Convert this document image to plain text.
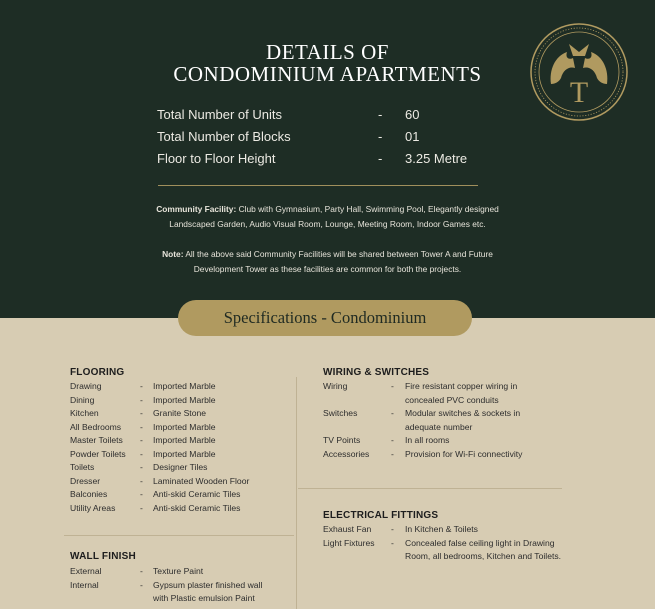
DETAILS OF
CONDOMINIUM APARTMENTS
T
Total Number of Units	- 60
Total Number of Blocks	- 01
Floor to Floor Height	- 3.25 Metre
Community Facility: Club with Gymnasium, Party Hall, Swimming Pool, Elegantly designed
Landscaped Garden, Audio Visual Room, Lounge, Meeting Room, Indoor Games etc.
Note: All the above said Community Facilities will be shared between Tower A and Future
Development Tower as these facilities are common for both the projects.
Specifications - Condominium
FLOORING
Drawing	- Imported Marble
Dining	- Imported Marble
Kitchen	- Granite Stone
All Bedrooms - Imported Marble
Master Toilets - Imported Marble
Powder Toilets - Imported Marble
Toilets	- Designer Tiles
Dresser	- Laminated Wooden Floor
Balconies	- Anti-skid Ceramic Tiles
Utility Areas	- Anti-skid Ceramic Tiles
WALL FINISH
External	- Texture Paint
Internal	- Gypsum plaster finished wall
with Plastic emulsion Paint
WIRING & SWITCHES
Wiring	- Fire resistant copper wiring in
concealed PVC conduits
Switches	- Modular switches & sockets in
adequate number
TV Points	- In all rooms
Accessories	- Provision for Wi-Fi connectivity
ELECTRICAL FITTINGS
Exhaust Fan - In Kitchen & Toilets
Light Fixtures - Concealed false ceiling light in Drawing
Room, all bedrooms, Kitchen and Toilets.
